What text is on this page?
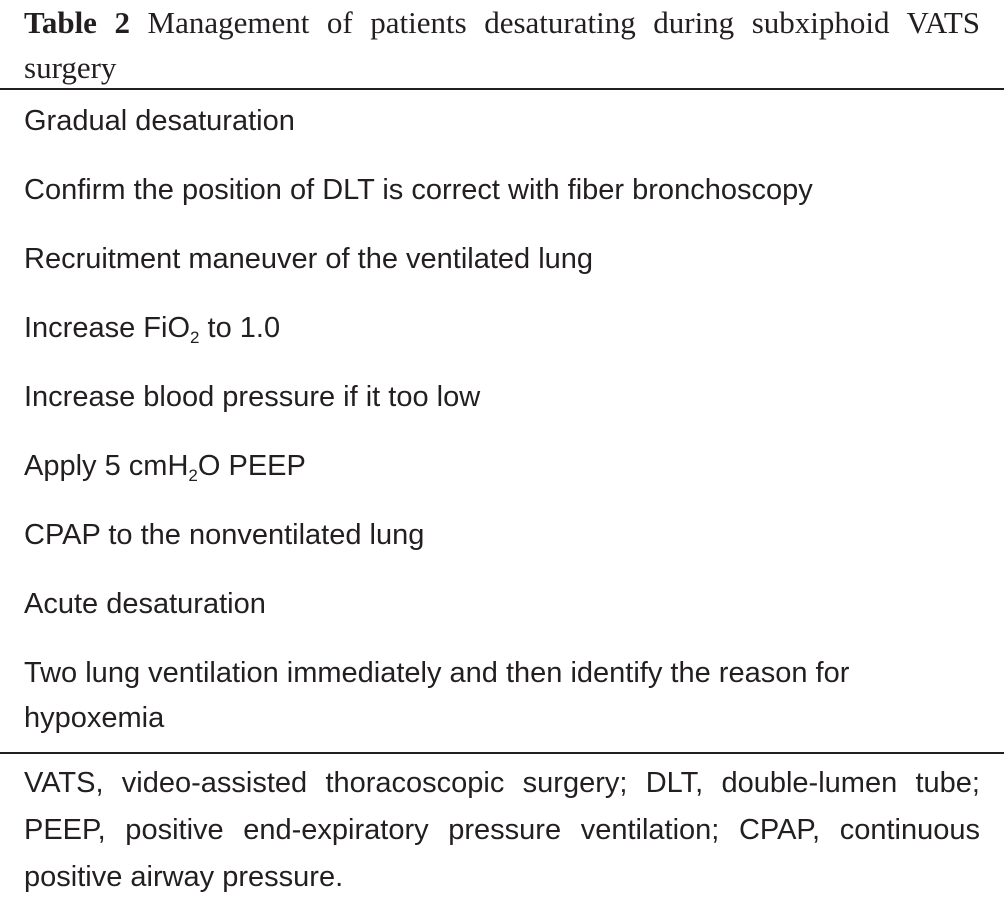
Table 2 Management of patients desaturating during subxiphoid VATS surgery
Gradual desaturation
Confirm the position of DLT is correct with fiber bronchoscopy
Recruitment maneuver of the ventilated lung
Increase FiO$_2$ to 1.0
Increase blood pressure if it too low
Apply 5 cmH$_2$O PEEP
CPAP to the nonventilated lung
Acute desaturation
Two lung ventilation immediately and then identify the reason for hypoxemia
VATS, video-assisted thoracoscopic surgery; DLT, double-lumen tube; PEEP, positive end-expiratory pressure ventilation; CPAP, continuous positive airway pressure.
